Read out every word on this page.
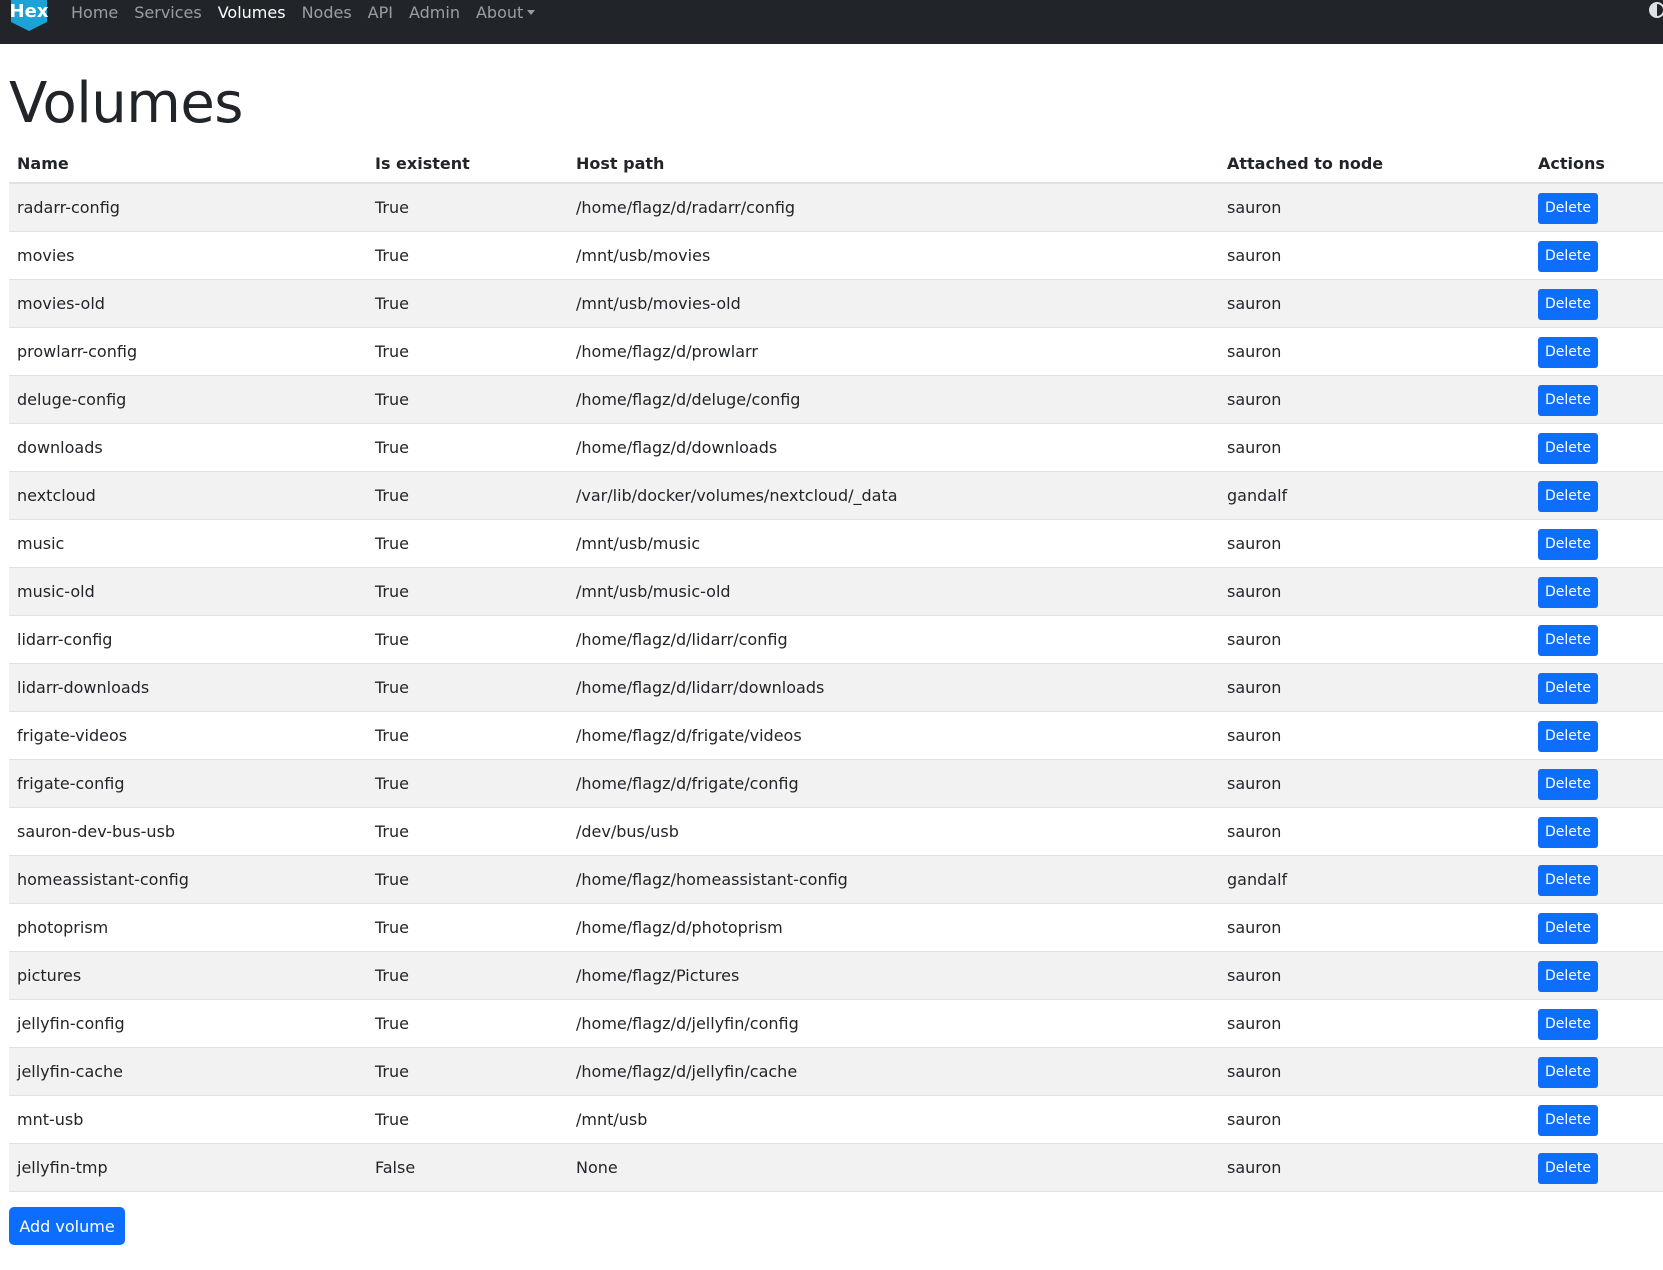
Hex Home Services Volumes Nodes API Admin About
Volumes
Name	Is existent	Host path	Attached to node	Actions
radarr-config	True	/home/flagz/d/radarr/config	sauron	Delete
movies	True	/mnt/usb/movies	sauron	Delete
movies-old	True	/mnt/usb/movies-old	sauron	Delete
prowlarr-config	True	/home/flagz/d/prowlarr	sauron	Delete
deluge-config	True	/home/flagz/d/deluge/config	sauron	Delete
downloads	True	/home/flagz/d/downloads	sauron	Delete
nextcloud	True	/var/lib/docker/volumes/nextcloud/_data	gandalf	Delete
music	True	/mnt/usb/music	sauron	Delete
music-old	True	/mnt/usb/music-old	sauron	Delete
lidarr-config	True	/home/flagz/d/lidarr/config	sauron	Delete
lidarr-downloads	True	/home/flagz/d/lidarr/downloads	sauron	Delete
frigate-videos	True	/home/flagz/d/frigate/videos	sauron	Delete
frigate-config	True	/home/flagz/d/frigate/config	sauron	Delete
sauron-dev-bus-usb	True	/dev/bus/usb	sauron	Delete
homeassistant-config	True	/home/flagz/homeassistant-config	gandalf	Delete
photoprism	True	/home/flagz/d/photoprism	sauron	Delete
pictures	True	/home/flagz/Pictures	sauron	Delete
jellyfin-config	True	/home/flagz/d/jellyfin/config	sauron	Delete
jellyfin-cache	True	/home/flagz/d/jellyfin/cache	sauron	Delete
mnt-usb	True	/mnt/usb	sauron	Delete
jellyfin-tmp	False	None	sauron	Delete
Add volume
